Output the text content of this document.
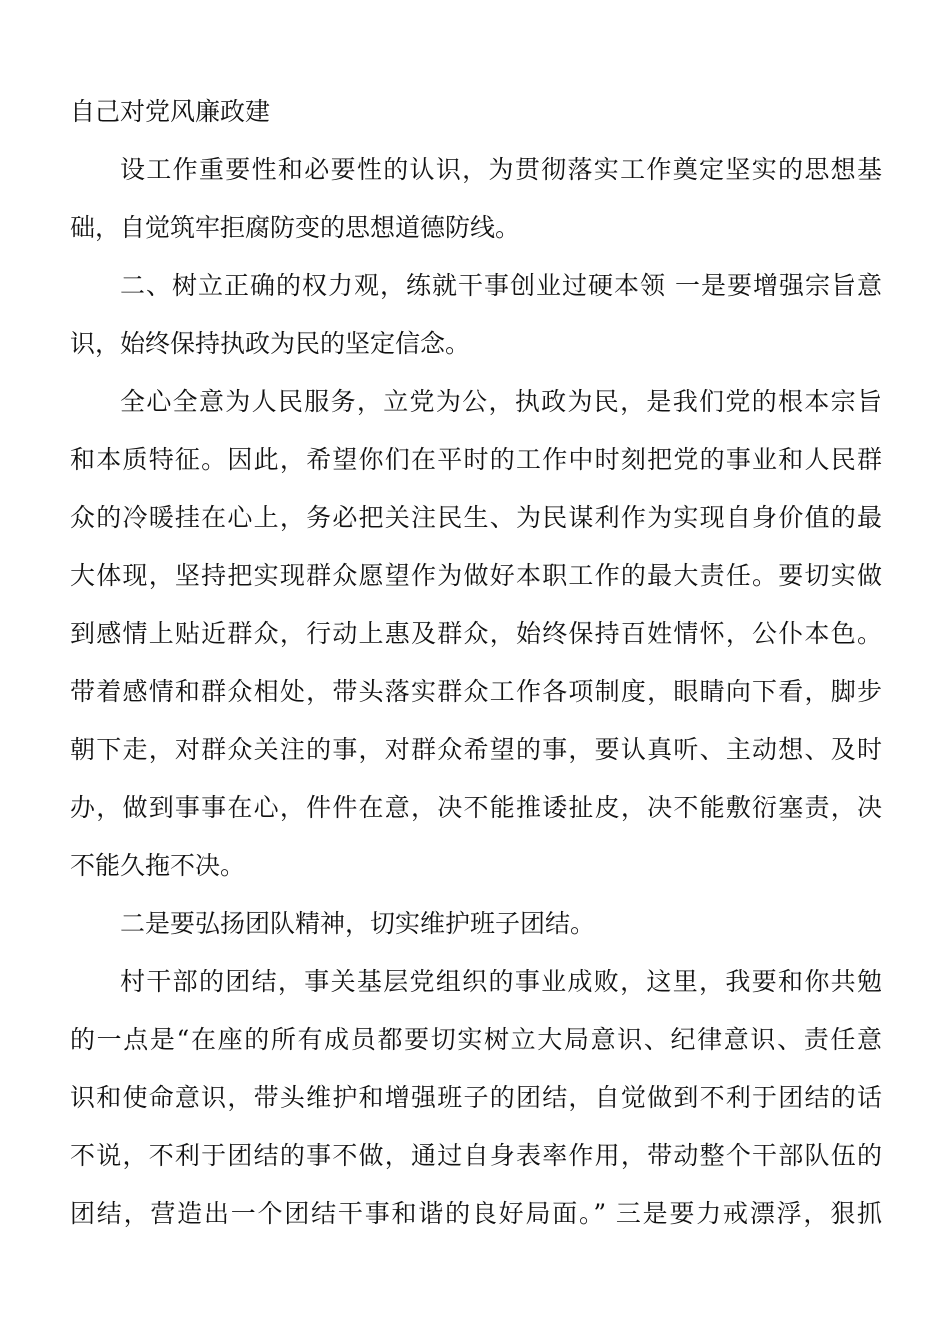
自己对党风廉政建
设工作重要性和必要性的认识，为贯彻落实工作奠定坚实的思想基
础，自觉筑牢拒腐防变的思想道德防线。
二、树立正确的权力观，练就干事创业过硬本领 一是要增强宗旨意
识，始终保持执政为民的坚定信念。
全心全意为人民服务，立党为公，执政为民，是我们党的根本宗旨
和本质特征。因此，希望你们在平时的工作中时刻把党的事业和人民群
众的冷暖挂在心上，务必把关注民生、为民谋利作为实现自身价值的最
大体现，坚持把实现群众愿望作为做好本职工作的最大责任。要切实做
到感情上贴近群众，行动上惠及群众，始终保持百姓情怀，公仆本色。
带着感情和群众相处，带头落实群众工作各项制度，眼睛向下看，脚步
朝下走，对群众关注的事，对群众希望的事，要认真听、主动想、及时
办，做到事事在心，件件在意，决不能推诿扯皮，决不能敷衍塞责，决
不能久拖不决。
二是要弘扬团队精神，切实维护班子团结。
村干部的团结，事关基层党组织的事业成败，这里，我要和你共勉
的一点是“在座的所有成员都要切实树立大局意识、纪律意识、责任意
识和使命意识，带头维护和增强班子的团结，自觉做到不利于团结的话
不说，不利于团结的事不做，通过自身表率作用，带动整个干部队伍的
团结，营造出一个团结干事和谐的良好局面。” 三是要力戒漂浮，狠抓
